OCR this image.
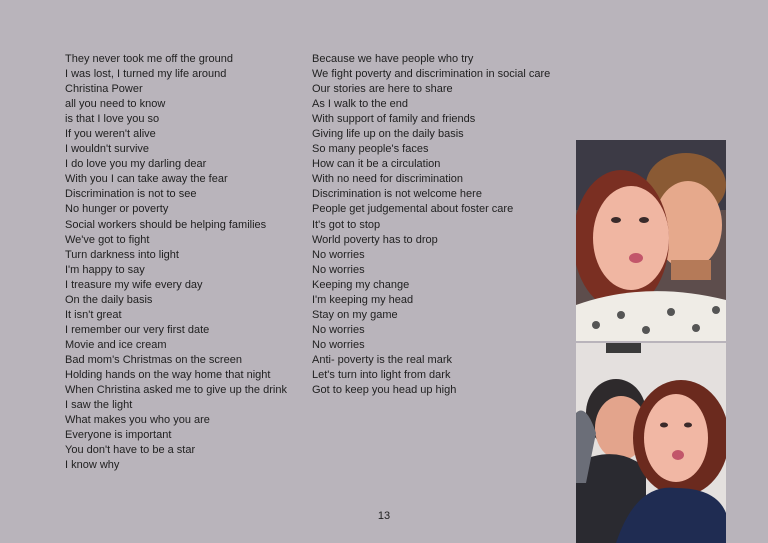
They never took me off the ground
I was lost, I turned my life around
Christina Power
all you need to know
is that I love you so
If you weren't alive
I wouldn't survive
I do love you my darling dear
With you I can take away the fear
Discrimination is not to see
No hunger or poverty
Social workers should be helping families
We've got to fight
Turn darkness into light
I'm happy to say
I treasure my wife every day
On the daily basis
It isn't great
I remember our very first date
Movie and ice cream
Bad mom's Christmas on the screen
Holding hands on the way home that night
When Christina asked me to give up the drink
I saw the light
What makes you who you are
Everyone is important
You don't have to be a star
I know why
Because we have people who try
We fight poverty and discrimination in social care
Our stories are here to share
As I walk to the end
With support of family and friends
Giving life up on the daily basis
So many people's faces
How can it be a circulation
With no need for discrimination
Discrimination is not welcome here
People get judgemental about foster care
It's got to stop
World poverty has to drop
No worries
No worries
Keeping my change
I'm keeping my head
Stay on my game
No worries
No worries
Anti- poverty is the real mark
Let's turn into light from dark
Got to keep you head up high
13
